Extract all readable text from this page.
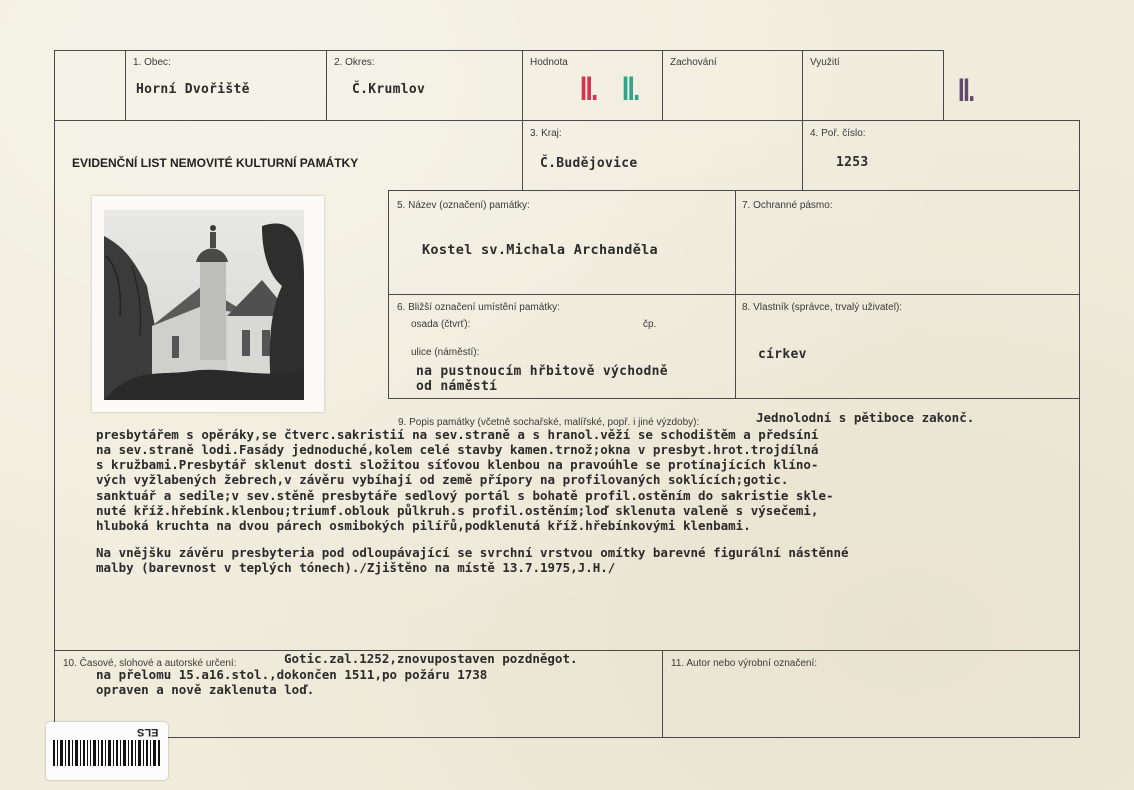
1. Obec:
Horní Dvořiště
2. Okres:
Č.Krumlov
Hodnota
II. II.
Zachování	Využití
II.
EVIDENČNÍ LIST NEMOVITÉ KULTURNÍ PAMÁTKY
3. Kraj:
Č.Budějovice
4. Poř. číslo:
1253
5. Název (označení) památky:
Kostel sv.Michala Archanděla
7. Ochranné pásmo:
6. Bližší označení umístění památky:
osada (čtvrť):	čp.
ulice (náměstí):
na pustnoucím hřbitově východně
od náměstí
8. Vlastník (správce, trvalý uživatel):
církev
9. Popis památky (včetně sochařské, malířské, popř. i jiné výzdoby):	Jednolodní s pětiboce zakonč.
presbytářem s opěráky,se čtverc.sakristií na sev.straně a s hranol.věží se schodištěm a předsíní
na sev.straně lodi.Fasády jednoduché,kolem celé stavby kamen.trnož;okna v presbyt.hrot.trojdílná
s kružbami.Presbytář sklenut dosti složitou síťovou klenbou na pravoúhle se protínajících klíno-
vých vyžlabených žebrech,v závěru vybíhají od země přípory na profilovaných soklících;gotic.
sanktuář a sedile;v sev.stěně presbytáře sedlový portál s bohatě profil.ostěním do sakristie skle-
nuté kříž.hřebínk.klenbou;triumf.oblouk půlkruh.s profil.ostěním;loď sklenuta valeně s výsečemi,
hluboká kruchta na dvou párech osmibokých pilířů,podklenutá kříž.hřebínkovými klenbami.
Na vnějšku závěru presbyteria pod odloupávající se svrchní vrstvou omítky barevné figurální nástěnné
malby (barevnost v teplých tónech)./Zjištěno na místě 13.7.1975,J.H./
10. Časové, slohové a autorské určení:	Gotic.zal.1252,znovupostaven pozdněgot.
na přelomu 15.a16.stol.,dokončen 1511,po požáru 1738
opraven a nově zaklenuta loď.
11. Autor nebo výrobní označení:
ELS
